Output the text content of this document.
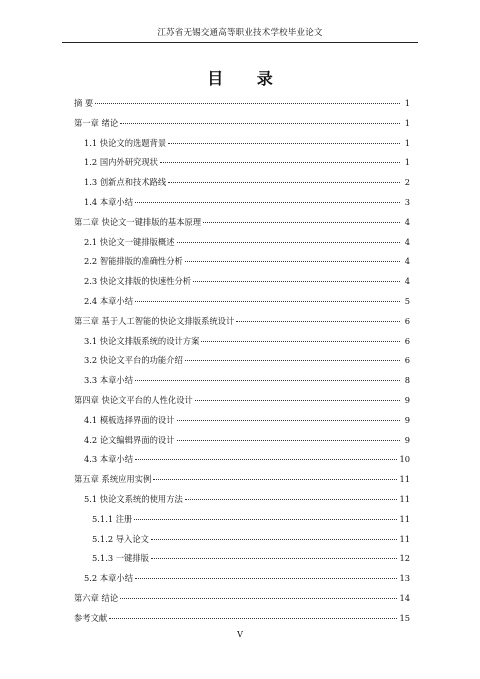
江苏省无锡交通高等职业技术学校毕业论文
目 录
摘 要	1
第一章 绪论	1
1.1 快论文的选题背景	1
1.2 国内外研究现状	1
1.3 创新点和技术路线	2
1.4 本章小结	3
第二章 快论文一键排版的基本原理	4
2.1 快论文一键排版概述	4
2.2 智能排版的准确性分析	4
2.3 快论文排版的快速性分析	4
2.4 本章小结	5
第三章 基于人工智能的快论文排版系统设计	6
3.1 快论文排版系统的设计方案	6
3.2 快论文平台的功能介绍	6
3.3 本章小结	8
第四章 快论文平台的人性化设计	9
4.1 模板选择界面的设计	9
4.2 论文编辑界面的设计	9
4.3 本章小结	10
第五章 系统应用实例	11
5.1 快论文系统的使用方法	11
5.1.1 注册	11
5.1.2 导入论文	11
5.1.3 一键排版	12
5.2 本章小结	13
第六章 结论	14
参考文献	15
V
